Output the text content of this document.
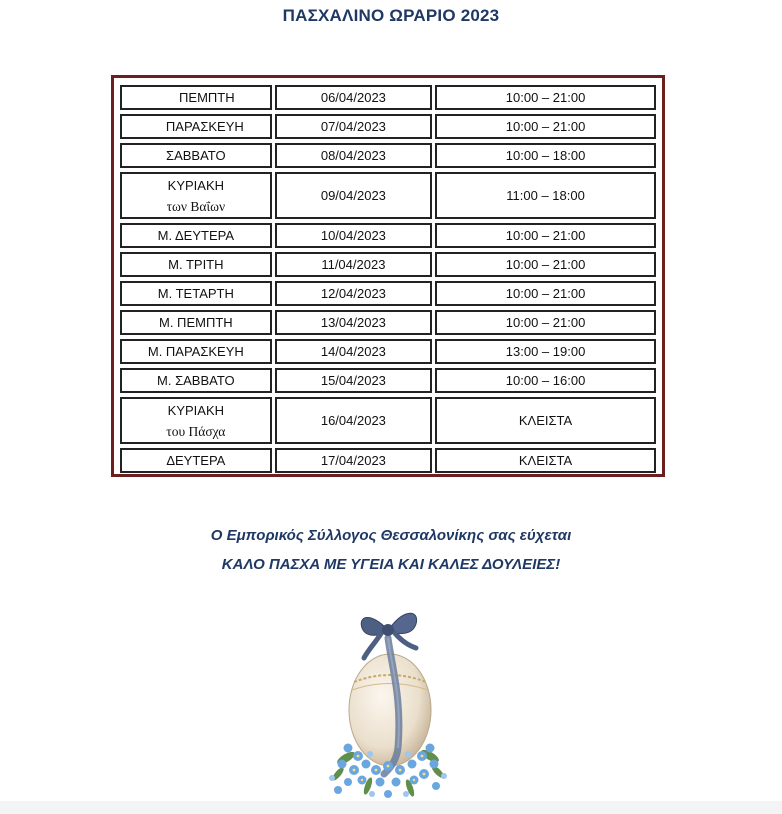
ΠΑΣΧΑΛΙΝΟ ΩΡΑΡΙΟ 2023
ΠΕΜΠΤΗ	06/04/2023	10:00 – 21:00

ΠΑΡΑΣΚΕΥΗ	07/04/2023	10:00 – 21:00

ΣΑΒΒΑΤΟ	08/04/2023	10:00 – 18:00

ΚΥΡΙΑΚΗ
των Βαΐων	09/04/2023	11:00 – 18:00

Μ. ΔΕΥΤΕΡΑ	10/04/2023	10:00 – 21:00

Μ. ΤΡΙΤΗ	11/04/2023	10:00 – 21:00

Μ. ΤΕΤΑΡΤΗ	12/04/2023	10:00 – 21:00

Μ. ΠΕΜΠΤΗ	13/04/2023	10:00 – 21:00

Μ. ΠΑΡΑΣΚΕΥΗ	14/04/2023	13:00 – 19:00

Μ. ΣΑΒΒΑΤΟ	15/04/2023	10:00 – 16:00

ΚΥΡΙΑΚΗ
του Πάσχα	16/04/2023	ΚΛΕΙΣΤΑ

ΔΕΥΤΕΡΑ	17/04/2023	ΚΛΕΙΣΤΑ
Ο Εμπορικός Σύλλογος Θεσσαλονίκης σας εύχεται
ΚΑΛΟ ΠΑΣΧΑ ΜΕ ΥΓΕΙΑ ΚΑΙ ΚΑΛΕΣ ΔΟΥΛΕΙΕΣ!
